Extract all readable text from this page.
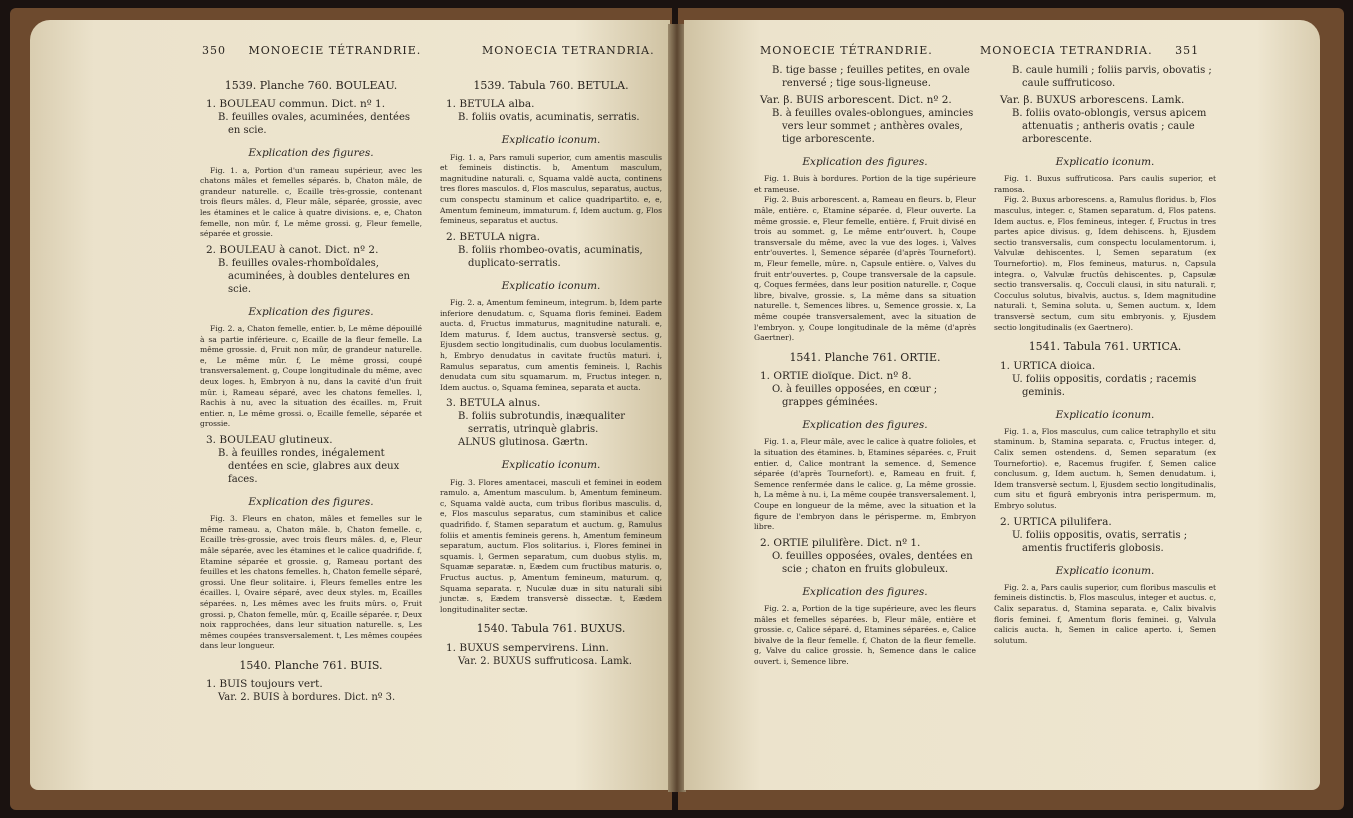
350 MONOECIE TÉTRANDRIE.	MONOECIA TETRANDRIA.
1539. Planche 760. BOULEAU.
1. BOULEAU commun. Dict. nº 1.
B. feuilles ovales, acuminées, dentées en scie.
Explication des figures.
Fig. 1. a, Portion d'un rameau supérieur, avec les chatons mâles et femelles séparés. b, Chaton mâle, de grandeur naturelle. c, Ecaille très-grossie, contenant trois fleurs mâles. d, Fleur mâle, séparée, grossie, avec les étamines et le calice à quatre divisions. e, e, Chaton femelle, non mûr. f, Le même grossi. g, Fleur femelle, séparée et grossie.
2. BOULEAU à canot. Dict. nº 2.
B. feuilles ovales-rhomboïdales, acuminées, à doubles dentelures en scie.
Explication des figures.
Fig. 2. a, Chaton femelle, entier. b, Le même dépouillé à sa partie inférieure. c, Ecaille de la fleur femelle. La même grossie. d, Fruit non mûr, de grandeur naturelle. e, Le même mûr. f, Le même grossi, coupé transversalement. g, Coupe longitudinale du même, avec deux loges. h, Embryon à nu, dans la cavité d'un fruit mûr. i, Rameau séparé, avec les chatons femelles. l, Rachis à nu, avec la situation des écailles. m, Fruit entier. n, Le même grossi. o, Ecaille femelle, séparée et grossie.
3. BOULEAU glutineux.
B. à feuilles rondes, inégalement dentées en scie, glabres aux deux faces.
Explication des figures.
Fig. 3. Fleurs en chaton, mâles et femelles sur le même rameau. a, Chaton mâle. b, Chaton femelle. c, Ecaille très-grossie, avec trois fleurs mâles. d, e, Fleur mâle séparée, avec les étamines et le calice quadrifide. f, Etamine séparée et grossie. g, Rameau portant des feuilles et les chatons femelles. h, Chaton femelle séparé, grossi. Une fleur solitaire. i, Fleurs femelles entre les écailles. l, Ovaire séparé, avec deux styles. m, Ecailles séparées. n, Les mêmes avec les fruits mûrs. o, Fruit grossi. p, Chaton femelle, mûr. q, Ecaille séparée. r, Deux noix rapprochées, dans leur situation naturelle. s, Les mêmes coupées transversalement. t, Les mêmes coupées dans leur longueur.
1540. Planche 761. BUIS.
1. BUIS toujours vert.
Var. 2. BUIS à bordures. Dict. nº 3.
1539. Tabula 760. BETULA.
1. BETULA alba.
B. foliis ovatis, acuminatis, serratis.
Explicatio iconum.
Fig. 1. a, Pars ramuli superior, cum amentis masculis et femineis distinctis. b, Amentum masculum, magnitudine naturali. c, Squama valdè aucta, continens tres flores masculos. d, Flos masculus, separatus, auctus, cum conspectu staminum et calice quadripartito. e, e, Amentum femineum, immaturum. f, Idem auctum. g, Flos femineus, separatus et auctus.
2. BETULA nigra.
B. foliis rhombeo-ovatis, acuminatis, duplicato-serratis.
Explicatio iconum.
Fig. 2. a, Amentum femineum, integrum. b, Idem parte inferiore denudatum. c, Squama floris feminei. Eadem aucta. d, Fructus immaturus, magnitudine naturali. e, Idem maturus. f, Idem auctus, transversè sectus. g, Ejusdem sectio longitudinalis, cum duobus loculamentis. h, Embryo denudatus in cavitate fructûs maturi. i, Ramulus separatus, cum amentis femineis. l, Rachis denudata cum situ squamarum. m, Fructus integer. n, Idem auctus. o, Squama feminea, separata et aucta.
3. BETULA alnus.
B. foliis subrotundis, inæqualiter serratis, utrinquè glabris.
ALNUS glutinosa. Gærtn.
Explicatio iconum.
Fig. 3. Flores amentacei, masculi et feminei in eodem ramulo. a, Amentum masculum. b, Amentum femineum. c, Squama valdè aucta, cum tribus floribus masculis. d, e, Flos masculus separatus, cum staminibus et calice quadrifido. f, Stamen separatum et auctum. g, Ramulus foliis et amentis femineis gerens. h, Amentum femineum separatum, auctum. Flos solitarius. i, Flores feminei in squamis. l, Germen separatum, cum duobus stylis. m, Squamæ separatæ. n, Eædem cum fructibus maturis. o, Fructus auctus. p, Amentum femineum, maturum. q, Squama separata. r, Nuculæ duæ in situ naturali sibi junctæ. s, Eædem transversè dissectæ. t, Eædem longitudinaliter sectæ.
1540. Tabula 761. BUXUS.
1. BUXUS sempervirens. Linn.
Var. 2. BUXUS suffruticosa. Lamk.
MONOECIE TÉTRANDRIE.	MONOECIA TETRANDRIA. 351
B. tige basse ; feuilles petites, en ovale renversé ; tige sous-ligneuse.
Var. β. BUIS arborescent. Dict. nº 2.
B. à feuilles ovales-oblongues, amincies vers leur sommet ; anthères ovales, tige arborescente.
Explication des figures.
Fig. 1. Buis à bordures. Portion de la tige supérieure et rameuse.
Fig. 2. Buis arborescent. a, Rameau en fleurs. b, Fleur mâle, entière. c, Etamine séparée. d, Fleur ouverte. La même grossie. e, Fleur femelle, entière. f, Fruit divisé en trois au sommet. g, Le même entr'ouvert. h, Coupe transversale du même, avec la vue des loges. i, Valves entr'ouvertes. l, Semence séparée (d'après Tournefort). m, Fleur femelle, mûre. n, Capsule entière. o, Valves du fruit entr'ouvertes. p, Coupe transversale de la capsule. q, Coques fermées, dans leur position naturelle. r, Coque libre, bivalve, grossie. s, La même dans sa situation naturelle. t, Semences libres. u, Semence grossie. x, La même coupée transversalement, avec la situation de l'embryon. y, Coupe longitudinale de la même (d'après Gaertner).
1541. Planche 761. ORTIE.
1. ORTIE dioïque. Dict. nº 8.
O. à feuilles opposées, en cœur ; grappes géminées.
Explication des figures.
Fig. 1. a, Fleur mâle, avec le calice à quatre folioles, et la situation des étamines. b, Etamines séparées. c, Fruit entier. d, Calice montrant la semence. d, Semence séparée (d'après Tournefort). e, Rameau en fruit. f, Semence renfermée dans le calice. g, La même grossie. h, La même à nu. i, La même coupée transversalement. l, Coupe en longueur de la même, avec la situation et la figure de l'embryon dans le périsperme. m, Embryon libre.
2. ORTIE pilulifère. Dict. nº 1.
O. feuilles opposées, ovales, dentées en scie ; chaton en fruits globuleux.
Explication des figures.
Fig. 2. a, Portion de la tige supérieure, avec les fleurs mâles et femelles séparées. b, Fleur mâle, entière et grossie. c, Calice séparé. d, Etamines séparées. e, Calice bivalve de la fleur femelle. f, Chaton de la fleur femelle. g, Valve du calice grossie. h, Semence dans le calice ouvert. i, Semence libre.
B. caule humili ; foliis parvis, obovatis ; caule suffruticoso.
Var. β. BUXUS arborescens. Lamk.
B. foliis ovato-oblongis, versus apicem attenuatis ; antheris ovatis ; caule arborescente.
Explicatio iconum.
Fig. 1. Buxus suffruticosa. Pars caulis superior, et ramosa.
Fig. 2. Buxus arborescens. a, Ramulus floridus. b, Flos masculus, integer. c, Stamen separatum. d, Flos patens. Idem auctus. e, Flos femineus, integer. f, Fructus in tres partes apice divisus. g, Idem dehiscens. h, Ejusdem sectio transversalis, cum conspectu loculamentorum. i, Valvulæ dehiscentes. l, Semen separatum (ex Tournefortio). m, Flos femineus, maturus. n, Capsula integra. o, Valvulæ fructûs dehiscentes. p, Capsulæ sectio transversalis. q, Cocculi clausi, in situ naturali. r, Cocculus solutus, bivalvis, auctus. s, Idem magnitudine naturali. t, Semina soluta. u, Semen auctum. x, Idem transversè sectum, cum situ embryonis. y, Ejusdem sectio longitudinalis (ex Gaertnero).
1541. Tabula 761. URTICA.
1. URTICA dioica.
U. foliis oppositis, cordatis ; racemis geminis.
Explicatio iconum.
Fig. 1. a, Flos masculus, cum calice tetraphyllo et situ staminum. b, Stamina separata. c, Fructus integer. d, Calix semen ostendens. d, Semen separatum (ex Tournefortio). e, Racemus frugifer. f, Semen calice conclusum. g, Idem auctum. h, Semen denudatum. i, Idem transversè sectum. l, Ejusdem sectio longitudinalis, cum situ et figurâ embryonis intra perispermum. m, Embryo solutus.
2. URTICA pilulifera.
U. foliis oppositis, ovatis, serratis ; amentis fructiferis globosis.
Explicatio iconum.
Fig. 2. a, Pars caulis superior, cum floribus masculis et femineis distinctis. b, Flos masculus, integer et auctus. c, Calix separatus. d, Stamina separata. e, Calix bivalvis floris feminei. f, Amentum floris feminei. g, Valvula calicis aucta. h, Semen in calice aperto. i, Semen solutum.
